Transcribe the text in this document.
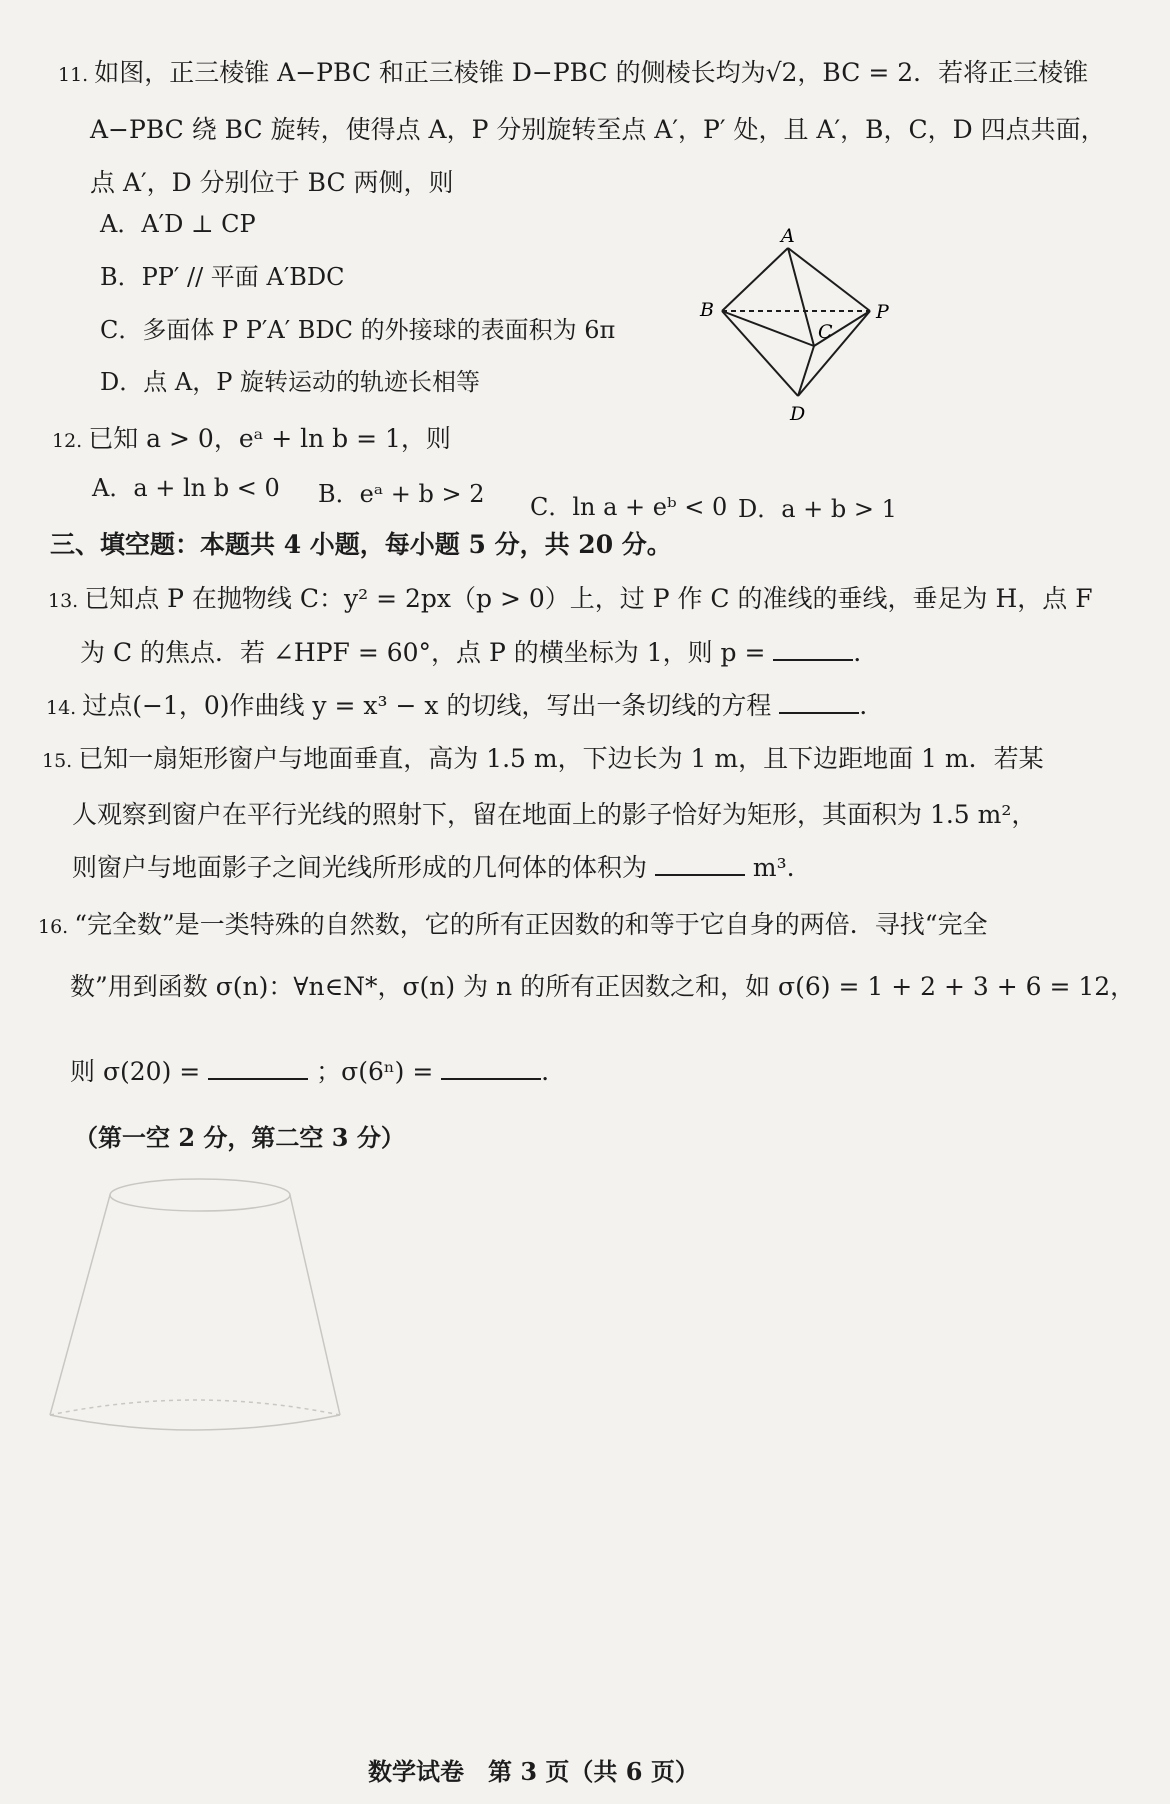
11. 如图，正三棱锥 A−PBC 和正三棱锥 D−PBC 的侧棱长均为√2，BC = 2．若将正三棱锥
A−PBC 绕 BC 旋转，使得点 A，P 分别旋转至点 A′，P′ 处，且 A′，B，C，D 四点共面，
点 A′，D 分别位于 BC 两侧，则
A．A′D ⊥ CP
B．PP′ // 平面 A′BDC
C．多面体 P P′A′ BDC 的外接球的表面积为 6π
D．点 A，P 旋转运动的轨迹长相等
A
B
C
P
D
12. 已知 a > 0，eᵃ + ln b = 1，则
A．a + ln b < 0 B．eᵃ + b > 2 C．ln a + eᵇ < 0 D．a + b > 1
三、填空题：本题共 4 小题，每小题 5 分，共 20 分。
13. 已知点 P 在抛物线 C：y² = 2px（p > 0）上，过 P 作 C 的准线的垂线，垂足为 H，点 F
为 C 的焦点．若 ∠HPF = 60°，点 P 的横坐标为 1，则 p =	．
14. 过点(−1，0)作曲线 y = x³ − x 的切线，写出一条切线的方程	．
15. 已知一扇矩形窗户与地面垂直，高为 1.5 m，下边长为 1 m，且下边距地面 1 m．若某
人观察到窗户在平行光线的照射下，留在地面上的影子恰好为矩形，其面积为 1.5 m²，
则窗户与地面影子之间光线所形成的几何体的体积为	m³.
16. “完全数”是一类特殊的自然数，它的所有正因数的和等于它自身的两倍．寻找“完全
数”用到函数 σ(n)：∀n∈N*，σ(n) 为 n 的所有正因数之和，如 σ(6) = 1 + 2 + 3 + 6 = 12，
则 σ(20) =	；σ(6ⁿ) =	．
（第一空 2 分，第二空 3 分）
数学试卷　第 3 页（共 6 页）
